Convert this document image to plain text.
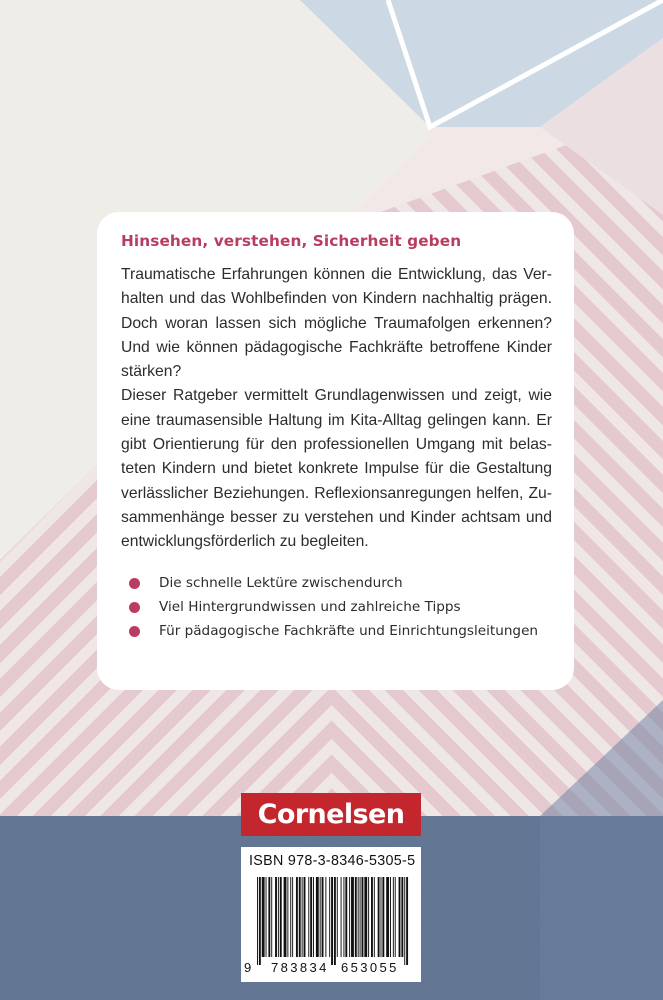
Hinsehen, verstehen, Sicherheit geben

Traumatische Erfahrungen können die Entwicklung, das Verhalten und das Wohlbefinden von Kindern nachhaltig prägen. Doch woran lassen sich mögliche Traumafolgen erkennen? Und wie können pädagogische Fachkräfte betroffene Kinder stärken?

Dieser Ratgeber vermittelt Grundlagenwissen und zeigt, wie eine traumasensible Haltung im Kita-Alltag gelingen kann. Er gibt Orientierung für den professionellen Umgang mit belasteten Kindern und bietet konkrete Impulse für die Gestaltung verlässlicher Beziehungen. Reflexionsanregungen helfen, Zusammenhänge besser zu verstehen und Kinder achtsam und entwicklungsförderlich zu begleiten.

Die schnelle Lektüre zwischendurch
Viel Hintergrundwissen und zahlreiche Tipps
Für pädagogische Fachkräfte und Einrichtungsleitungen
Cornelsen
ISBN 978-3-8346-5305-5
9 783834 653055
